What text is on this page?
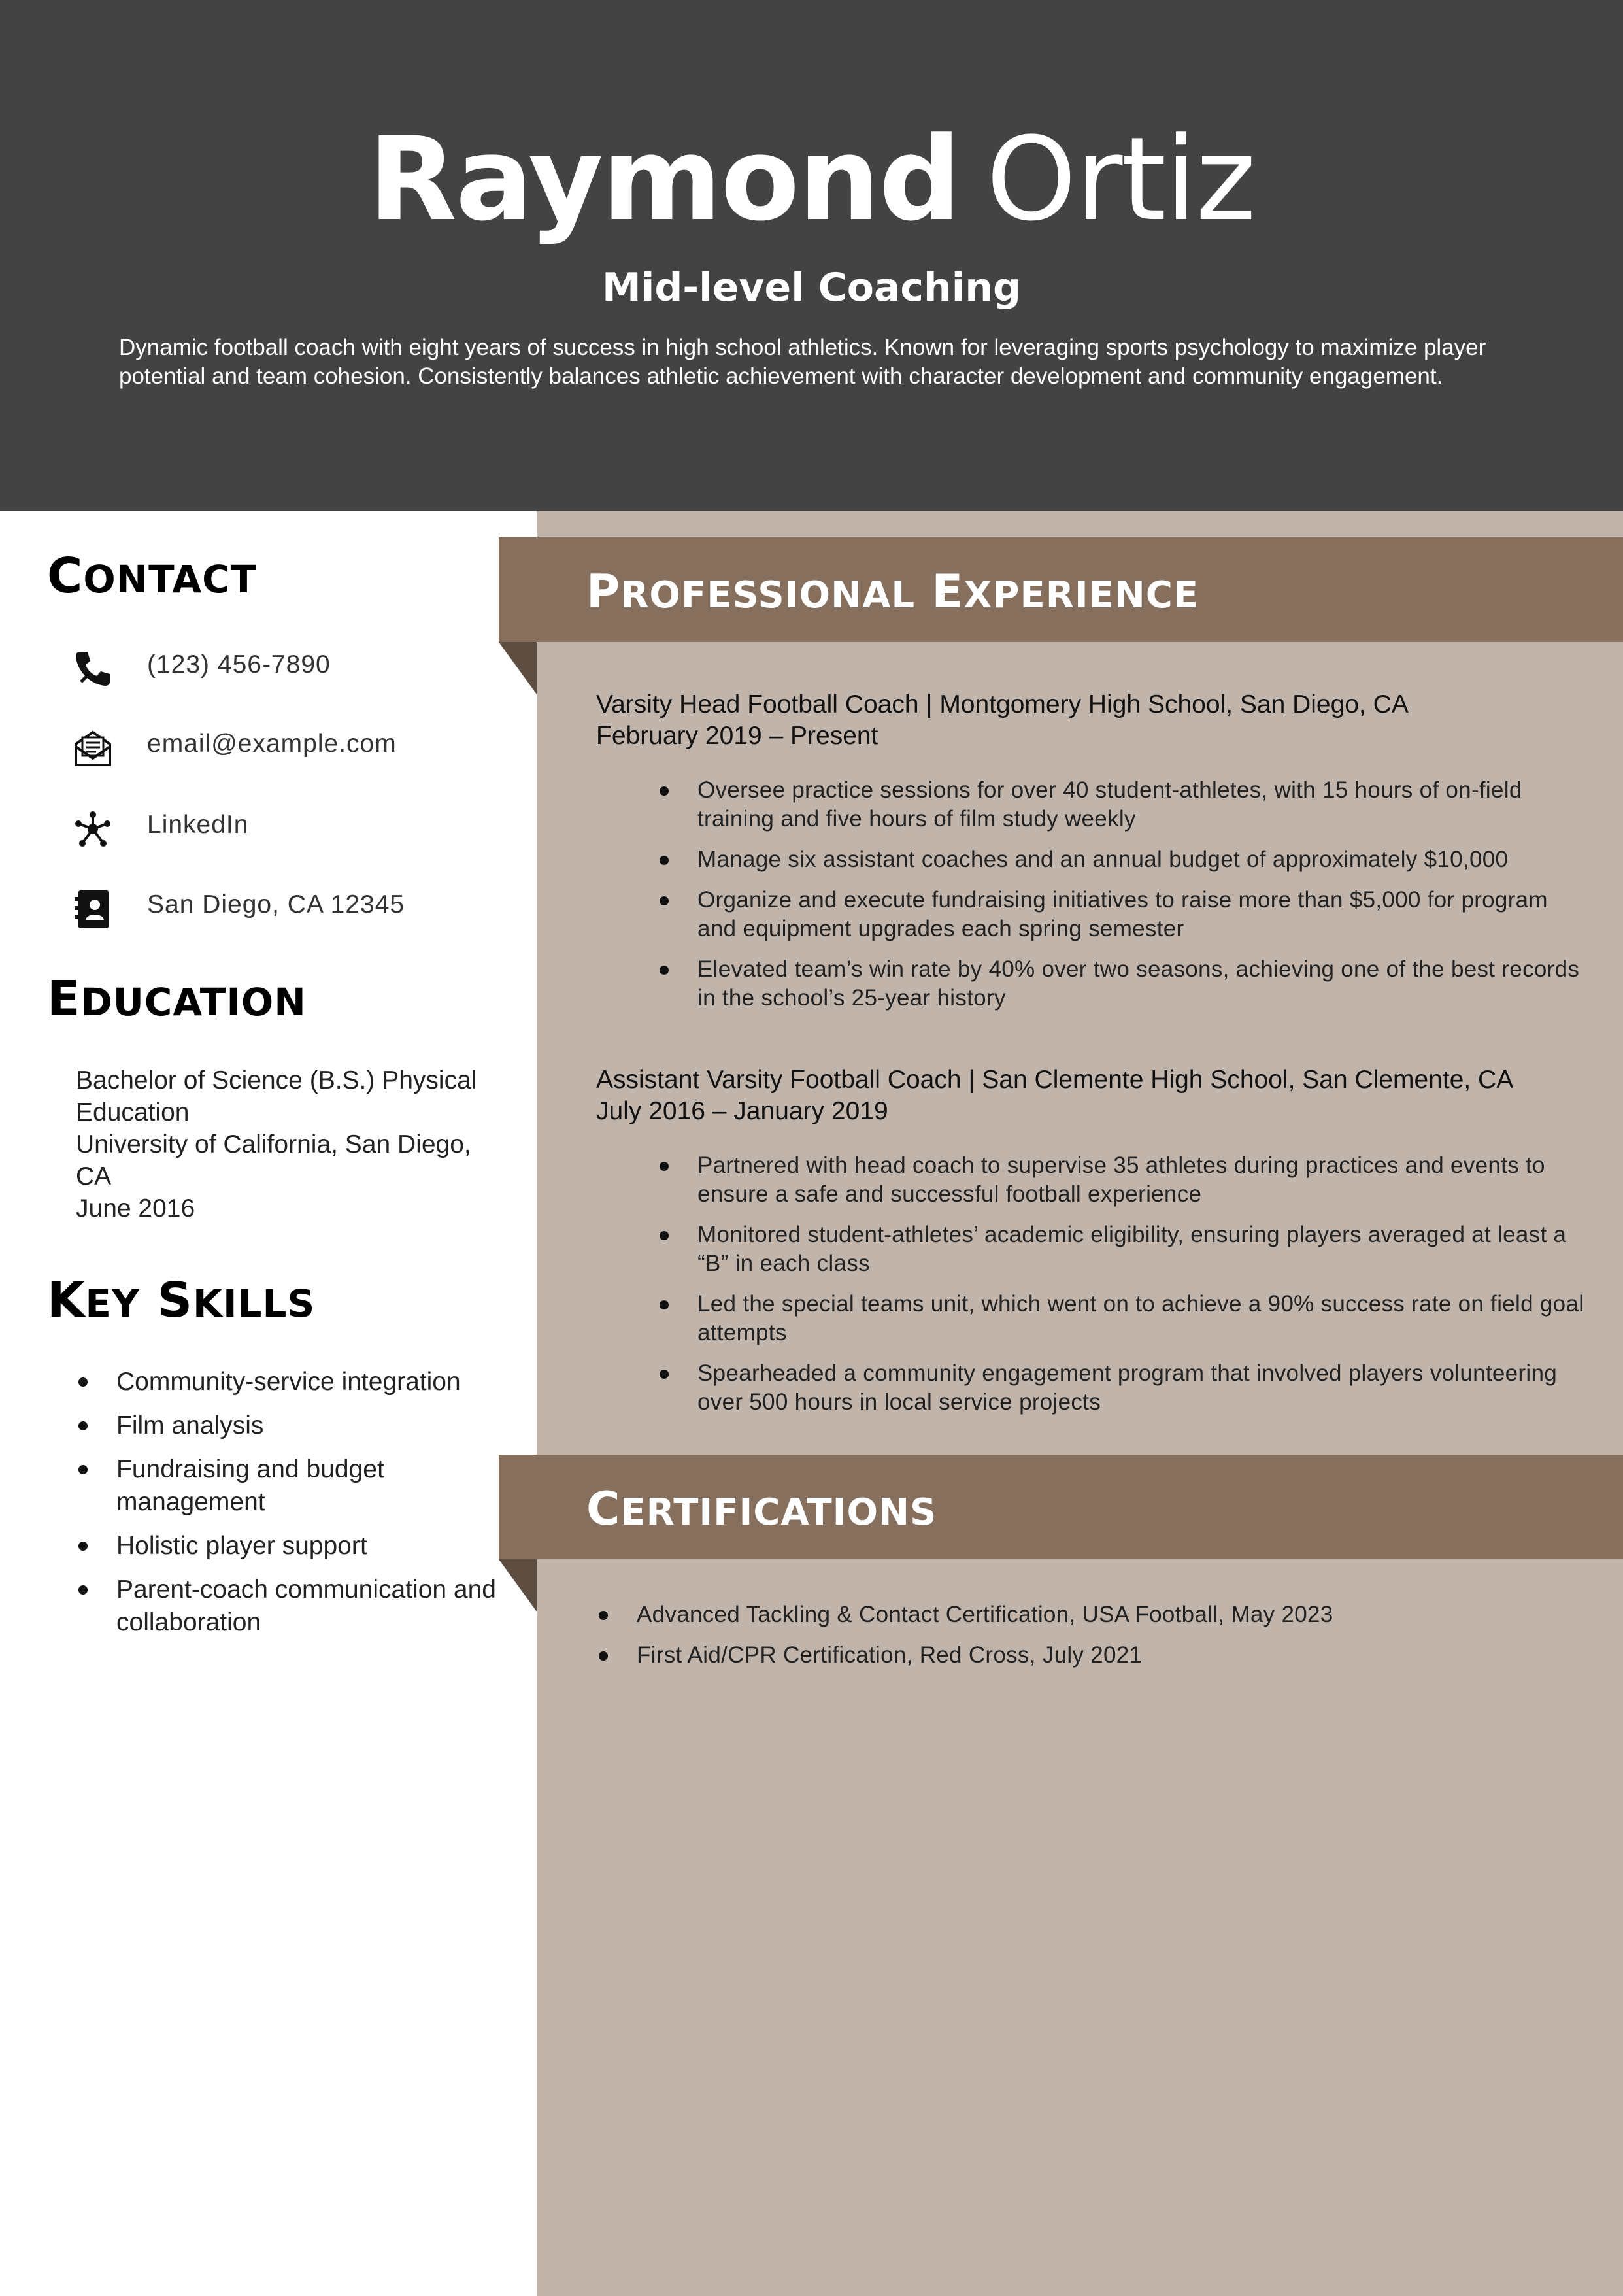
Raymond Ortiz
Mid-level Coaching
Dynamic football coach with eight years of success in high school athletics. Known for leveraging sports psychology to maximize player potential and team cohesion. Consistently balances athletic achievement with character development and community engagement.
CONTACT
(123) 456-7890
email@example.com
LinkedIn
San Diego, CA 12345
EDUCATION
Bachelor of Science (B.S.) Physical Education
University of California, San Diego, CA
June 2016
KEY SKILLS
Community-service integration
Film analysis
Fundraising and budget management
Holistic player support
Parent-coach communication and collaboration
PROFESSIONAL EXPERIENCE
Varsity Head Football Coach | Montgomery High School, San Diego, CA
February 2019 – Present
Oversee practice sessions for over 40 student-athletes, with 15 hours of on-field training and five hours of film study weekly
Manage six assistant coaches and an annual budget of approximately $10,000
Organize and execute fundraising initiatives to raise more than $5,000 for program and equipment upgrades each spring semester
Elevated team’s win rate by 40% over two seasons, achieving one of the best records in the school’s 25-year history
Assistant Varsity Football Coach | San Clemente High School, San Clemente, CA
July 2016 – January 2019
Partnered with head coach to supervise 35 athletes during practices and events to ensure a safe and successful football experience
Monitored student-athletes’ academic eligibility, ensuring players averaged at least a “B” in each class
Led the special teams unit, which went on to achieve a 90% success rate on field goal attempts
Spearheaded a community engagement program that involved players volunteering over 500 hours in local service projects
CERTIFICATIONS
Advanced Tackling & Contact Certification, USA Football, May 2023
First Aid/CPR Certification, Red Cross, July 2021
